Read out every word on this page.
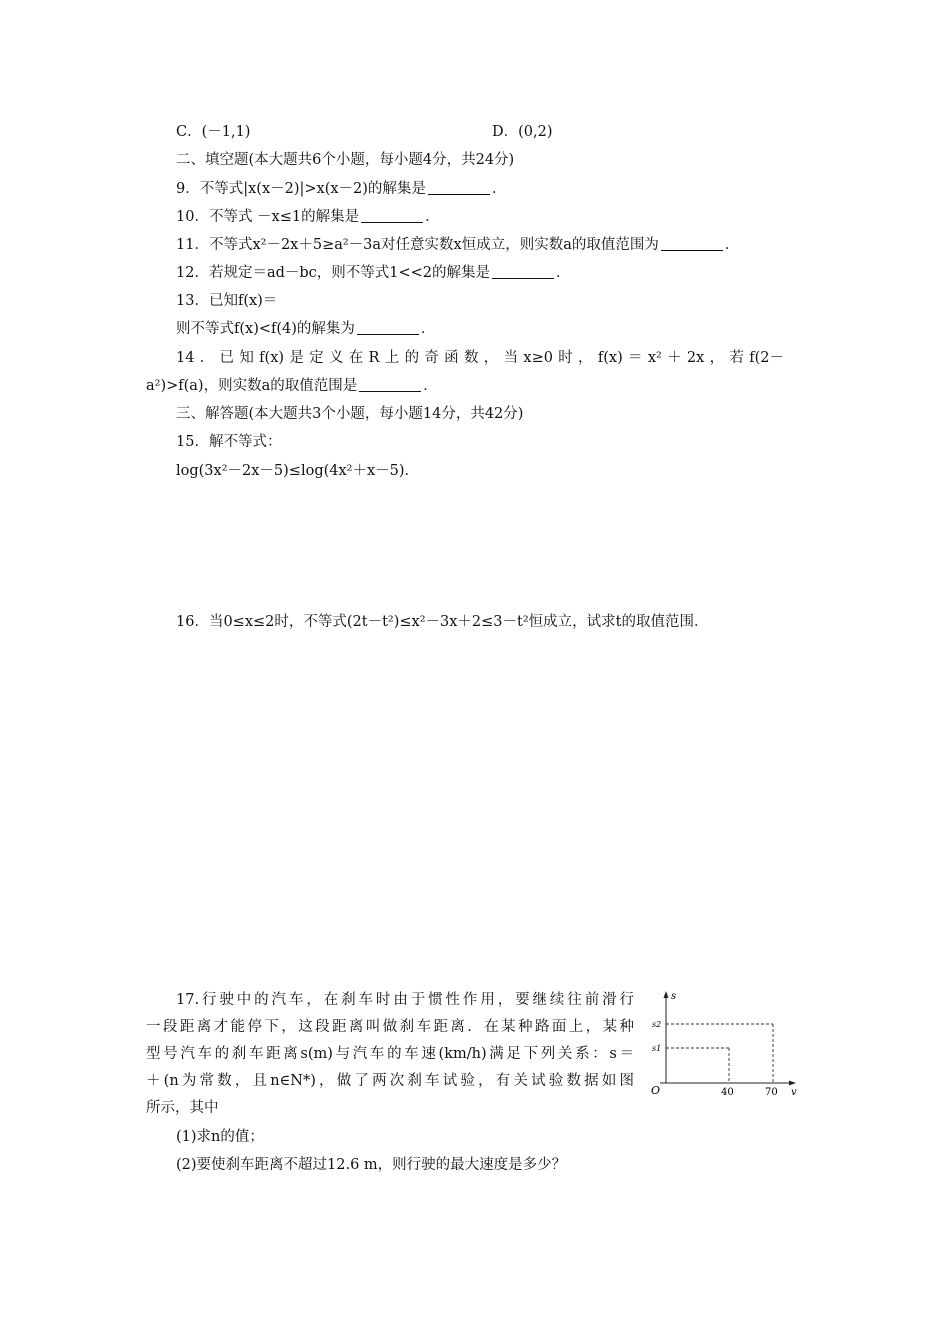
C．(－1,1)	D．(0,2)
二、填空题(本大题共6个小题，每小题4分，共24分)
9．不等式|x(x－2)|>x(x－2)的解集是	．
10．不等式 －x≤1的解集是	．
11．不等式x²－2x＋5≥a²－3a对任意实数x恒成立，则实数a的取值范围为	．
12．若规定＝ad－bc，则不等式1<<2的解集是	．
13．已知f(x)＝
则不等式f(x)<f(4)的解集为	．
14．已知f(x)是定义在R上的奇函数，当x≥0时，f(x)＝x²＋2x，若f(2－
a²)>f(a)，则实数a的取值范围是	．
三、解答题(本大题共3个小题，每小题14分，共42分)
15．解不等式：
log(3x²－2x－5)≤log(4x²＋x－5)．
16．当0≤x≤2时，不等式(2t－t²)≤x²－3x＋2≤3－t²恒成立，试求t的取值范围．
17.行驶中的汽车，在刹车时由于惯性作用，要继续往前滑行
一段距离才能停下，这段距离叫做刹车距离．在某种路面上，某种
型号汽车的刹车距离s(m)与汽车的车速(km/h)满足下列关系：s＝
＋(n为常数，且n∈N*)，做了两次刹车试验，有关试验数据如图
所示，其中
(1)求n的值；
(2)要使刹车距离不超过12.6 m，则行驶的最大速度是多少？
s
s2
s1
O	40	70 v
